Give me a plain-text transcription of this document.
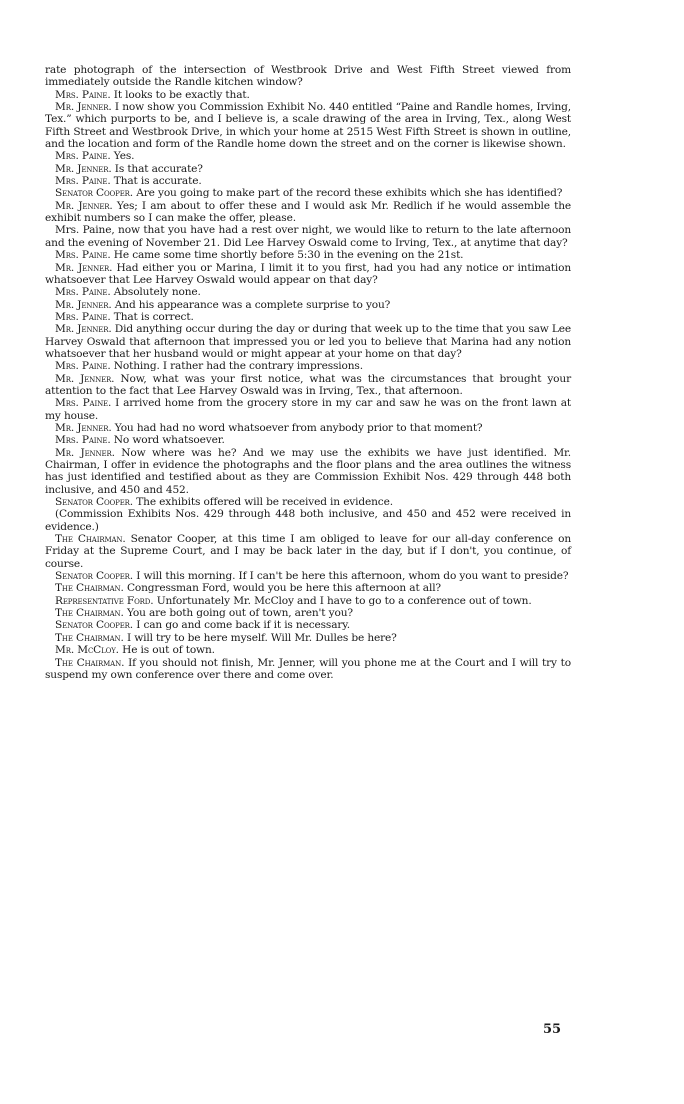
rate photograph of the intersection of Westbrook Drive and West Fifth Street viewed from immediately outside the Randle kitchen window?

Mrs. Paine. It looks to be exactly that.

Mr. Jenner. I now show you Commission Exhibit No. 440 entitled “Paine and Randle homes, Irving, Tex.” which purports to be, and I believe is, a scale drawing of the area in Irving, Tex., along West Fifth Street and Westbrook Drive, in which your home at 2515 West Fifth Street is shown in outline, and the location and form of the Randle home down the street and on the corner is likewise shown.

Mrs. Paine. Yes.

Mr. Jenner. Is that accurate?

Mrs. Paine. That is accurate.

Senator Cooper. Are you going to make part of the record these exhibits which she has identified?

Mr. Jenner. Yes; I am about to offer these and I would ask Mr. Redlich if he would assemble the exhibit numbers so I can make the offer, please.

Mrs. Paine, now that you have had a rest over night, we would like to return to the late afternoon and the evening of November 21. Did Lee Harvey Oswald come to Irving, Tex., at anytime that day?

Mrs. Paine. He came some time shortly before 5:30 in the evening on the 21st.

Mr. Jenner. Had either you or Marina, I limit it to you first, had you had any notice or intimation whatsoever that Lee Harvey Oswald would appear on that day?

Mrs. Paine. Absolutely none.

Mr. Jenner. And his appearance was a complete surprise to you?

Mrs. Paine. That is correct.

Mr. Jenner. Did anything occur during the day or during that week up to the time that you saw Lee Harvey Oswald that afternoon that impressed you or led you to believe that Marina had any notion whatsoever that her husband would or might appear at your home on that day?

Mrs. Paine. Nothing. I rather had the contrary impressions.

Mr. Jenner. Now, what was your first notice, what was the circumstances that brought your attention to the fact that Lee Harvey Oswald was in Irving, Tex., that afternoon.

Mrs. Paine. I arrived home from the grocery store in my car and saw he was on the front lawn at my house.

Mr. Jenner. You had had no word whatsoever from anybody prior to that moment?

Mrs. Paine. No word whatsoever.

Mr. Jenner. Now where was he? And we may use the exhibits we have just identified. Mr. Chairman, I offer in evidence the photographs and the floor plans and the area outlines the witness has just identified and testified about as they are Commission Exhibit Nos. 429 through 448 both inclusive, and 450 and 452.

Senator Cooper. The exhibits offered will be received in evidence.

(Commission Exhibits Nos. 429 through 448 both inclusive, and 450 and 452 were received in evidence.)

The Chairman. Senator Cooper, at this time I am obliged to leave for our all-day conference on Friday at the Supreme Court, and I may be back later in the day, but if I don't, you continue, of course.

Senator Cooper. I will this morning. If I can't be here this afternoon, whom do you want to preside?

The Chairman. Congressman Ford, would you be here this afternoon at all?

Representative Ford. Unfortunately Mr. McCloy and I have to go to a conference out of town.

The Chairman. You are both going out of town, aren't you?

Senator Cooper. I can go and come back if it is necessary.

The Chairman. I will try to be here myself. Will Mr. Dulles be here?

Mr. McCloy. He is out of town.

The Chairman. If you should not finish, Mr. Jenner, will you phone me at the Court and I will try to suspend my own conference over there and come over.

55
